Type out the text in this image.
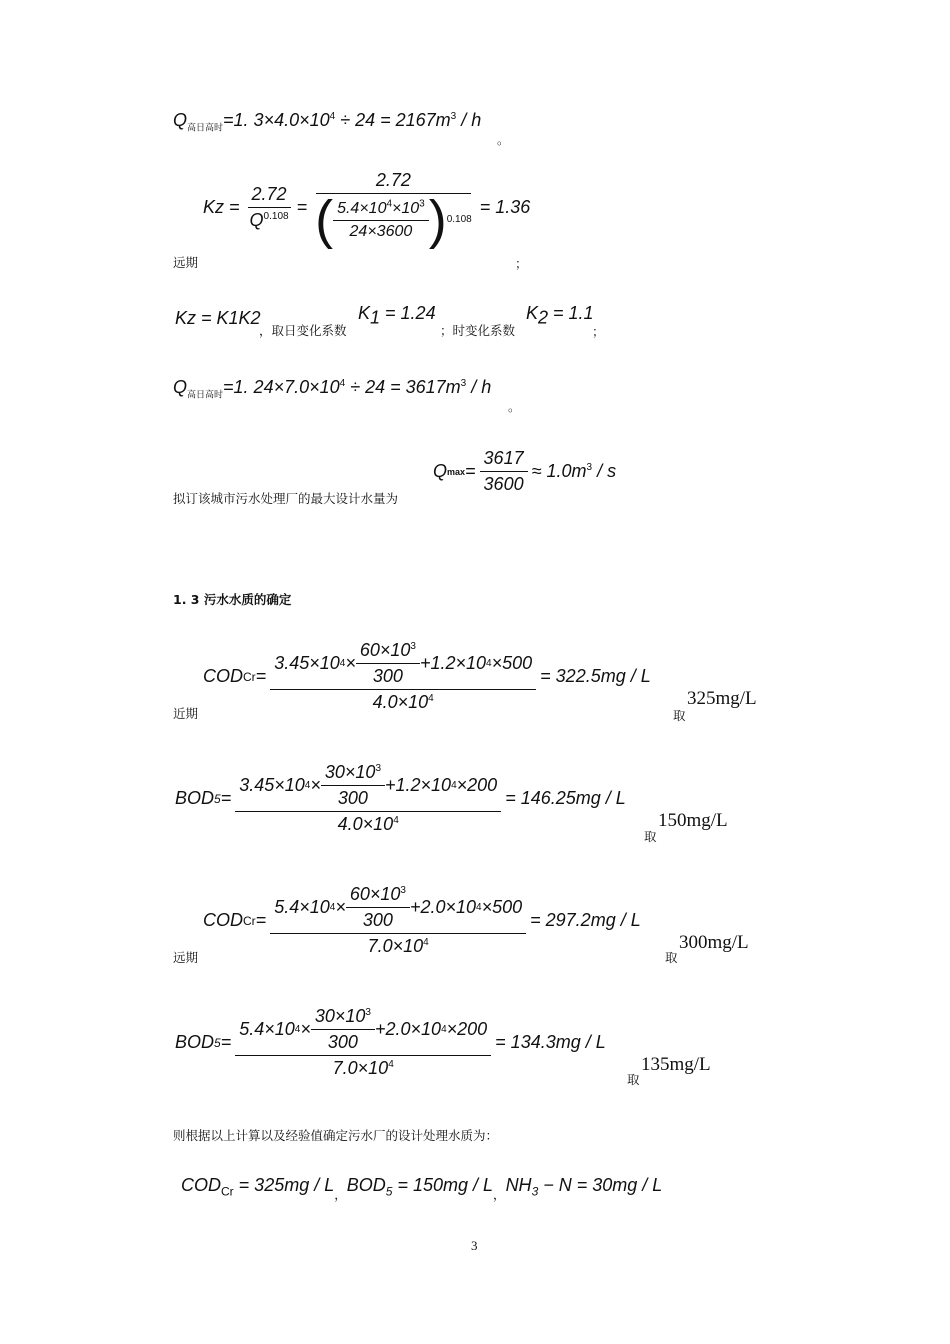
$Q_{高日高时}=1$. $3\times 4.0\times 10^4 \div 24 = 2167m^3 / h$
。
远期
$Kz = \frac{2.72}{Q^{0.108}}$ =
2.72
( $\frac{5.4\times 10^4\times 10^3}{24\times 3600}$ ) 0.108
= 1.36
；
Kz = K1K2
，取日变化系数
$K_1 = 1.24$
；时变化系数
$K_2 = 1.1$
；
$Q_{高日高时}=1$. $24\times 7.0\times 10^4 \div 24 = 3617m^3 / h$
。
拟订该城市污水处理厂的最大设计水量为
Q $\max = \frac{3617}{3600} \approx 1.0m^3 / s$
1. 3 污水水质的确定
近期
COD Cr =
3.45×10 $4 \times \frac{60\times 10^3}{300} +1.2\times 10$ 4 ×500
$4.0\times 10^4$
= 322.5mg / L
取
325mg/L
BOD 5 =
3.45×10 $4 \times \frac{30\times 10^3}{300} +1.2\times 10$ 4 ×200
$4.0\times 10^4$
= 146.25mg / L
取
150mg/L
远期
COD Cr =
5.4×10 $4 \times \frac{60\times 10^3}{300} +2.0\times 10$ 4 ×500
$7.0\times 10^4$
= 297.2mg / L
取
300mg/L
BOD 5 =
5.4×10 $4 \times \frac{30\times 10^3}{300} +2.0\times 10$ 4 ×200
$7.0\times 10^4$
= 134.3mg / L
取
135mg/L
则根据以上计算以及经验值确定污水厂的设计处理水质为：
$COD_{Cr} = 325mg / L_,BOD_5 = 150mg / L_,NH_3 - N = 30mg / L$
3
